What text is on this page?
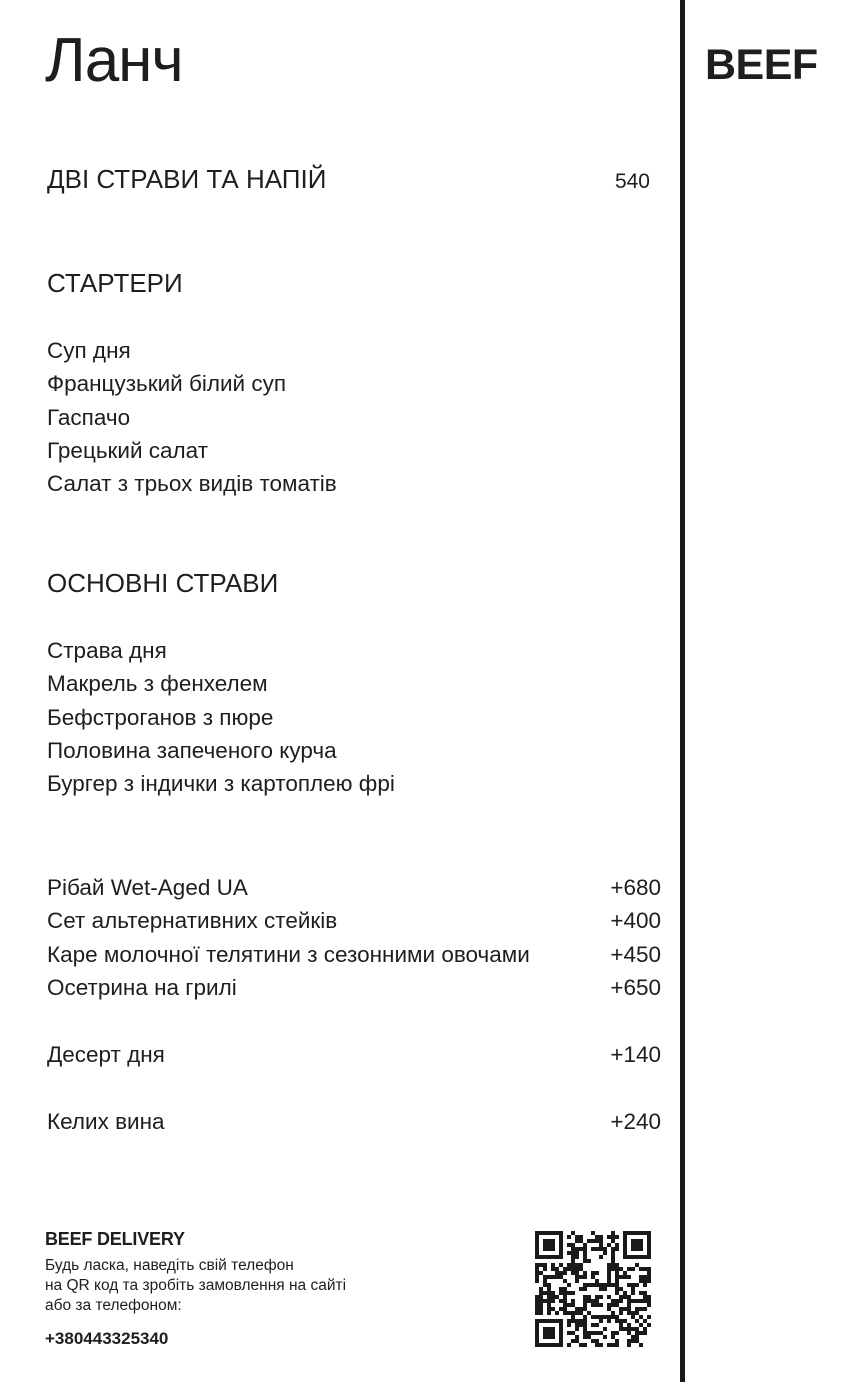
BEEF
Ланч
ДВІ СТРАВИ ТА НАПІЙ	540
СТАРТЕРИ
Суп дня
Французький білий суп
Гаспачо
Грецький салат
Салат з трьох видів томатів
ОСНОВНІ СТРАВИ
Страва дня
Макрель з фенхелем
Бефстроганов з пюре
Половина запеченого курча
Бургер з індички з картоплею фрі
Рібай Wet-Aged UA	+680
Сет альтернативних стейків	+400
Каре молочної телятини з сезонними овочами	+450
Осетрина на грилі	+650
Десерт дня	+140
Келих вина	+240
BEEF DELIVERY
Будь ласка, наведіть свій телефон
на QR код та зробіть замовлення на сайті
або за телефоном:
+380443325340
